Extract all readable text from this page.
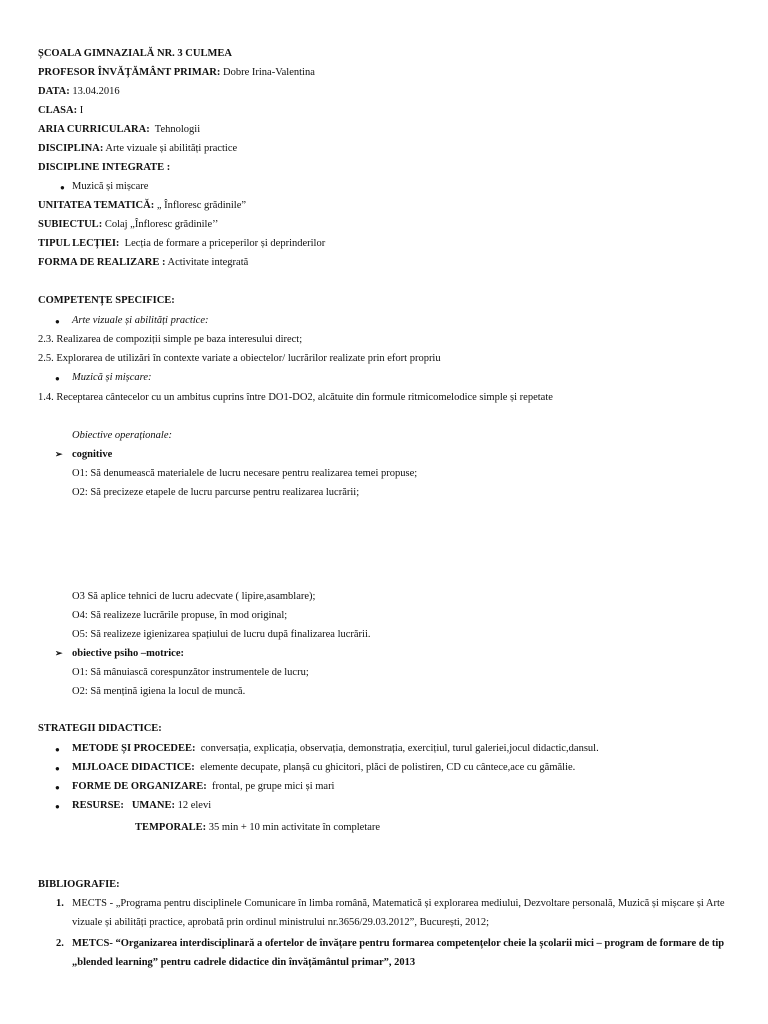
ȘCOALA GIMNAZIALĂ NR. 3 CULMEA
PROFESOR ÎNVĂȚĂMÂNT PRIMAR: Dobre Irina-Valentina
DATA: 13.04.2016
CLASA: I
ARIA CURRICULARA: Tehnologii
DISCIPLINA: Arte vizuale și abilități practice
DISCIPLINE INTEGRATE :
● Muzică și mișcare
UNITATEA TEMATICĂ: „ Înfloresc grădinile”
SUBIECTUL: Colaj „Înfloresc grădinile’’
TIPUL LECȚIEI: Lecția de formare a priceperilor și deprinderilor
FORMA DE REALIZARE : Activitate integrată
COMPETENȚE SPECIFICE:
● Arte vizuale și abilități practice:
2.3. Realizarea de compoziții simple pe baza interesului direct;
2.5. Explorarea de utilizări în contexte variate a obiectelor/ lucrărilor realizate prin efort propriu
● Muzică și mișcare:
1.4. Receptarea cântecelor cu un ambitus cuprins între DO1-DO2, alcătuite din formule ritmicomelodice simple și repetate
Obiective operaționale:
➢ cognitive
O1: Să denumească materialele de lucru necesare pentru realizarea temei propuse;
O2: Să precizeze etapele de lucru parcurse pentru realizarea lucrării;
O3 Să aplice tehnici de lucru adecvate ( lipire,asamblare);
O4: Să realizeze lucrările propuse, în mod original;
O5: Să realizeze igienizarea spațiului de lucru după finalizarea lucrării.
➢ obiective psiho –motrice:
O1: Să mânuiască corespunzător instrumentele de lucru;
O2: Să mențină igiena la locul de muncă.
STRATEGII DIDACTICE:
● METODE ȘI PROCEDEE: conversația, explicația, observația, demonstrația, exercițiul, turul galeriei,jocul didactic,dansul.
● MIJLOACE DIDACTICE: elemente decupate, planșă cu ghicitori, plăci de polistiren, CD cu cântece,ace cu gămălie.
● FORME DE ORGANIZARE: frontal, pe grupe mici și mari
● RESURSE: UMANE: 12 elevi
TEMPORALE: 35 min + 10 min activitate în completare
BIBLIOGRAFIE:
1. MECTS - „Programa pentru disciplinele Comunicare în limba română, Matematică și explorarea mediului, Dezvoltare personală, Muzică și mișcare și Arte vizuale și abilități practice, aprobată prin ordinul ministrului nr.3656/29.03.2012”, București, 2012;
2. METCS- “Organizarea interdisciplinară a ofertelor de învățare pentru formarea competențelor cheie la școlarii mici – program de formare de tip „blended learning” pentru cadrele didactice din învățământul primar”, 2013
